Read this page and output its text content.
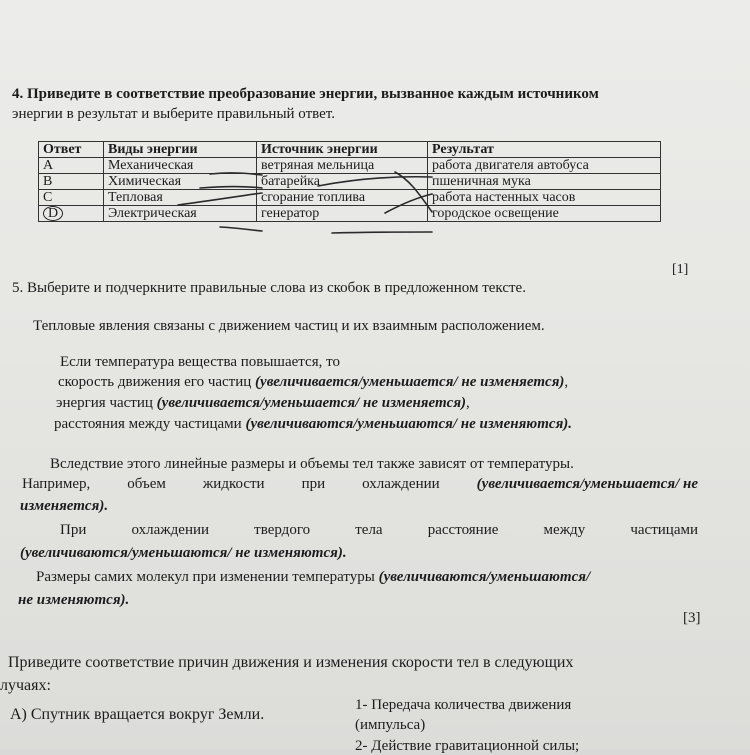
4. Приведите в соответствие преобразование энергии, вызванное каждым источником
энергии в результат и выберите правильный ответ.
Ответ	Виды энергии	Источник энергии	Результат
A	Механическая	ветряная мельница	работа двигателя автобуса
B	Химическая	батарейка	пшеничная мука
C	Тепловая	сгорание топлива	работа настенных часов
D	Электрическая	генератор	городское освещение
[1]
5. Выберите и подчеркните правильные слова из скобок в предложенном тексте.
Тепловые явления связаны с движением частиц и их взаимным расположением.
Если температура вещества повышается, то
скорость движения его частиц (увеличивается/уменьшается/ не изменяется),
энергия частиц (увеличивается/уменьшается/ не изменяется),
расстояния между частицами (увеличиваются/уменьшаются/ не изменяются).
Вследствие этого линейные размеры и объемы тел также зависят от температуры.
Например, объем жидкости при охлаждении (увеличивается/уменьшается/ не
изменяется).
При	охлаждении	твердого	тела	расстояние	между	частицами
(увеличиваются/уменьшаются/ не изменяются).
Размеры самих молекул при изменении температуры (увеличиваются/уменьшаются/
не изменяются).
[3]
Приведите соответствие причин движения и изменения скорости тел в следующих
лучаях:
А) Спутник вращается вокруг Земли.
1- Передача количества движения
(импульса)
2- Действие гравитационной силы;
